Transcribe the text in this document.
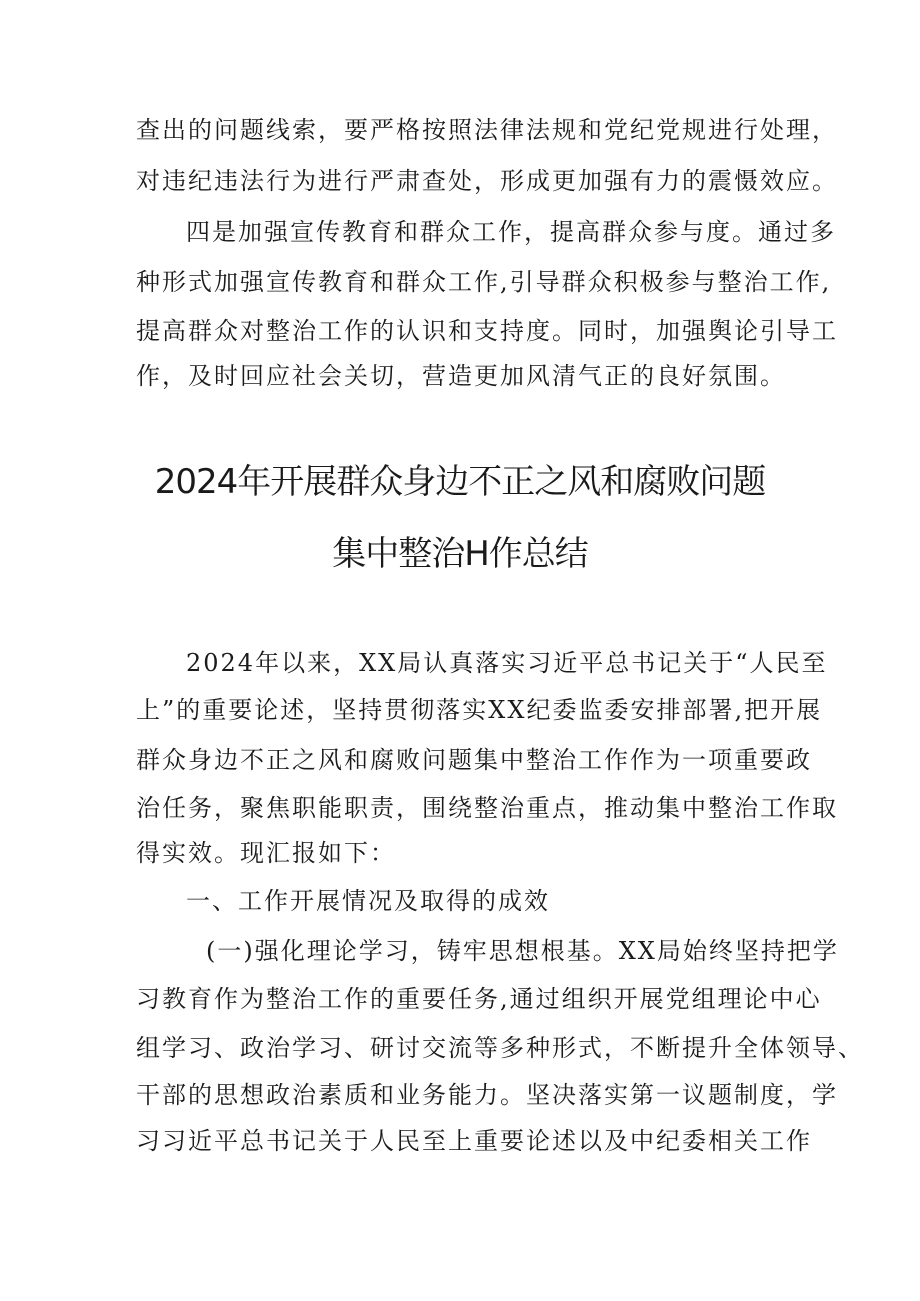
查出的问题线索，要严格按照法律法规和党纪党规进行处理，
对违纪违法行为进行严肃查处，形成更加强有力的震慑效应。
四是加强宣传教育和群众工作，提高群众参与度。通过多
种形式加强宣传教育和群众工作,引导群众积极参与整治工作,
提高群众对整治工作的认识和支持度。同时，加强舆论引导工
作，及时回应社会关切，营造更加风清气正的良好氛围。
2024年开展群众身边不正之风和腐败问题
集中整治H作总结
2024年以来，XX局认真落实习近平总书记关于“人民至
上”的重要论述，坚持贯彻落实XX纪委监委安排部署,把开展
群众身边不正之风和腐败问题集中整治工作作为一项重要政
治任务，聚焦职能职责，围绕整治重点，推动集中整治工作取
得实效。现汇报如下：
一、工作开展情况及取得的成效
(一)强化理论学习，铸牢思想根基。XX局始终坚持把学
习教育作为整治工作的重要任务,通过组织开展党组理论中心
组学习、政治学习、研讨交流等多种形式，不断提升全体领导、
干部的思想政治素质和业务能力。坚决落实第一议题制度，学
习习近平总书记关于人民至上重要论述以及中纪委相关工作
